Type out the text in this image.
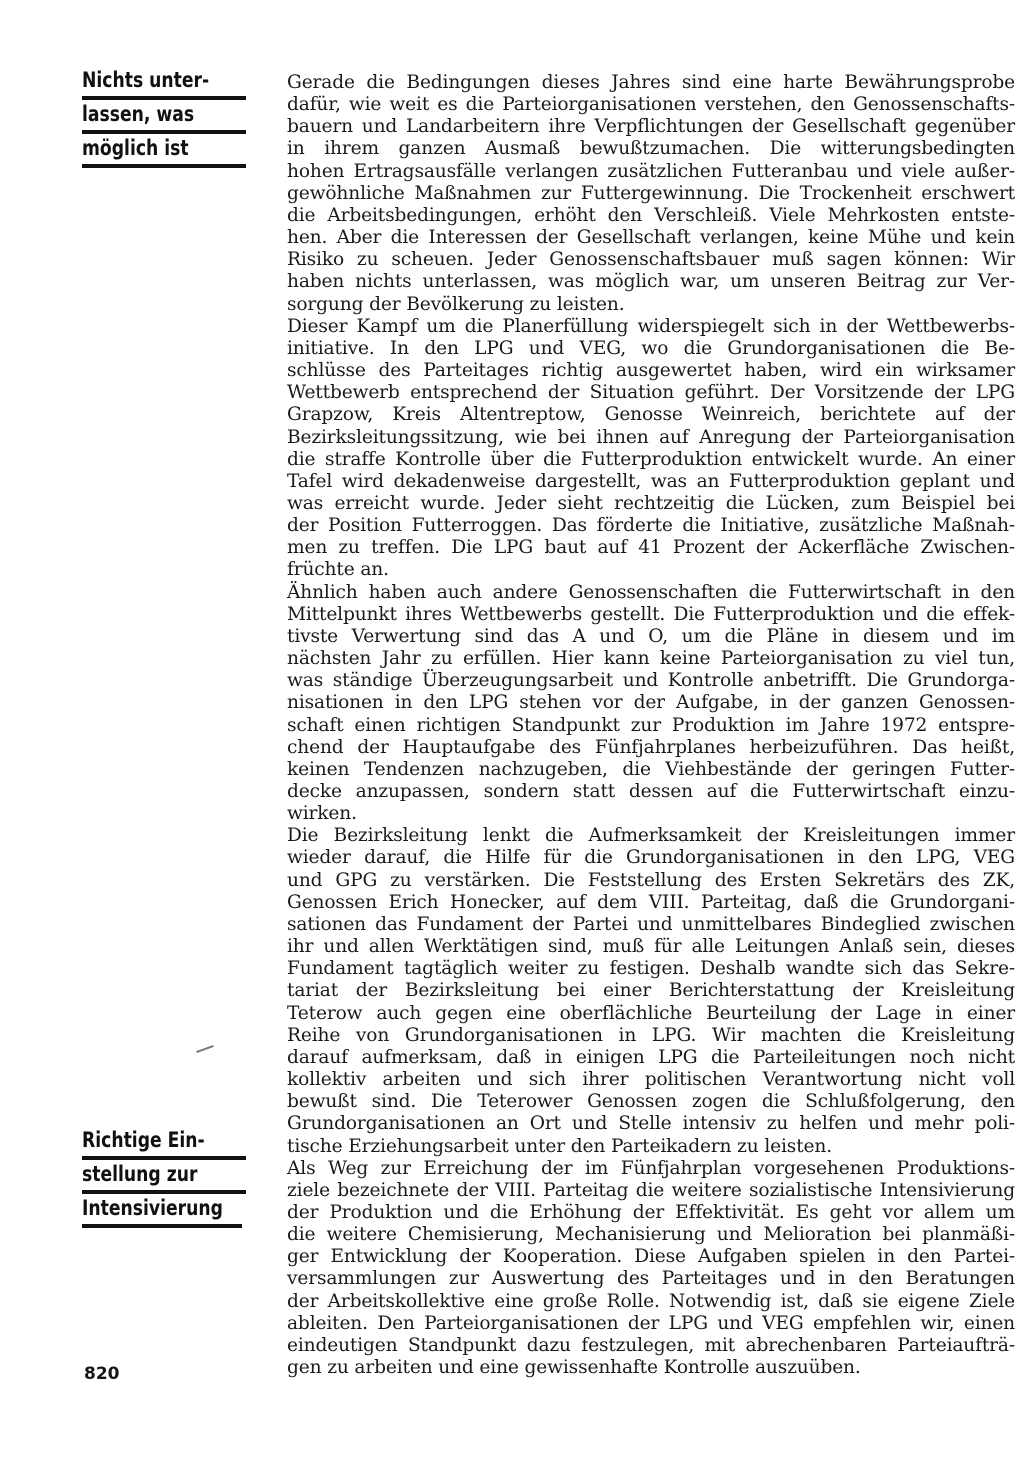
Nichts unter-
lassen, was
möglich ist
Richtige Ein-
stellung zur
Intensivierung

Gerade die Bedingungen dieses Jahres sind eine harte Bewährungsprobe
dafür, wie weit es die Parteiorganisationen verstehen, den Genossenschafts-
bauern und Landarbeitern ihre Verpflichtungen der Gesellschaft gegenüber
in ihrem ganzen Ausmaß bewußtzumachen. Die witterungsbedingten
hohen Ertragsausfälle verlangen zusätzlichen Futteranbau und viele außer-
gewöhnliche Maßnahmen zur Futtergewinnung. Die Trockenheit erschwert
die Arbeitsbedingungen, erhöht den Verschleiß. Viele Mehrkosten entste-
hen. Aber die Interessen der Gesellschaft verlangen, keine Mühe und kein
Risiko zu scheuen. Jeder Genossenschaftsbauer muß sagen können: Wir
haben nichts unterlassen, was möglich war, um unseren Beitrag zur Ver-
sorgung der Bevölkerung zu leisten.

Dieser Kampf um die Planerfüllung widerspiegelt sich in der Wettbewerbs-
initiative. In den LPG und VEG, wo die Grundorganisationen die Be-
schlüsse des Parteitages richtig ausgewertet haben, wird ein wirksamer
Wettbewerb entsprechend der Situation geführt. Der Vorsitzende der LPG
Grapzow, Kreis Altentreptow, Genosse Weinreich, berichtete auf der
Bezirksleitungssitzung, wie bei ihnen auf Anregung der Parteiorganisation
die straffe Kontrolle über die Futterproduktion entwickelt wurde. An einer
Tafel wird dekadenweise dargestellt, was an Futterproduktion geplant und
was erreicht wurde. Jeder sieht rechtzeitig die Lücken, zum Beispiel bei
der Position Futterroggen. Das förderte die Initiative, zusätzliche Maßnah-
men zu treffen. Die LPG baut auf 41 Prozent der Ackerfläche Zwischen-
früchte an.

Ähnlich haben auch andere Genossenschaften die Futterwirtschaft in den
Mittelpunkt ihres Wettbewerbs gestellt. Die Futterproduktion und die effek-
tivste Verwertung sind das A und O, um die Pläne in diesem und im
nächsten Jahr zu erfüllen. Hier kann keine Parteiorganisation zu viel tun,
was ständige Überzeugungsarbeit und Kontrolle anbetrifft. Die Grundorga-
nisationen in den LPG stehen vor der Aufgabe, in der ganzen Genossen-
schaft einen richtigen Standpunkt zur Produktion im Jahre 1972 entspre-
chend der Hauptaufgabe des Fünfjahrplanes herbeizuführen. Das heißt,
keinen Tendenzen nachzugeben, die Viehbestände der geringen Futter-
decke anzupassen, sondern statt dessen auf die Futterwirtschaft einzu-
wirken.

Die Bezirksleitung lenkt die Aufmerksamkeit der Kreisleitungen immer
wieder darauf, die Hilfe für die Grundorganisationen in den LPG, VEG
und GPG zu verstärken. Die Feststellung des Ersten Sekretärs des ZK,
Genossen Erich Honecker, auf dem VIII. Parteitag, daß die Grundorgani-
sationen das Fundament der Partei und unmittelbares Bindeglied zwischen
ihr und allen Werktätigen sind, muß für alle Leitungen Anlaß sein, dieses
Fundament tagtäglich weiter zu festigen. Deshalb wandte sich das Sekre-
tariat der Bezirksleitung bei einer Berichterstattung der Kreisleitung
Teterow auch gegen eine oberflächliche Beurteilung der Lage in einer
Reihe von Grundorganisationen in LPG. Wir machten die Kreisleitung
darauf aufmerksam, daß in einigen LPG die Parteileitungen noch nicht
kollektiv arbeiten und sich ihrer politischen Verantwortung nicht voll
bewußt sind. Die Teterower Genossen zogen die Schlußfolgerung, den
Grundorganisationen an Ort und Stelle intensiv zu helfen und mehr poli-
tische Erziehungsarbeit unter den Parteikadern zu leisten.

Als Weg zur Erreichung der im Fünfjahrplan vorgesehenen Produktions-
ziele bezeichnete der VIII. Parteitag die weitere sozialistische Intensivierung
der Produktion und die Erhöhung der Effektivität. Es geht vor allem um
die weitere Chemisierung, Mechanisierung und Melioration bei planmäßi-
ger Entwicklung der Kooperation. Diese Aufgaben spielen in den Partei-
versammlungen zur Auswertung des Parteitages und in den Beratungen
der Arbeitskollektive eine große Rolle. Notwendig ist, daß sie eigene Ziele
ableiten. Den Parteiorganisationen der LPG und VEG empfehlen wir, einen
eindeutigen Standpunkt dazu festzulegen, mit abrechenbaren Parteiaufträ-
gen zu arbeiten und eine gewissenhafte Kontrolle auszuüben.

820
